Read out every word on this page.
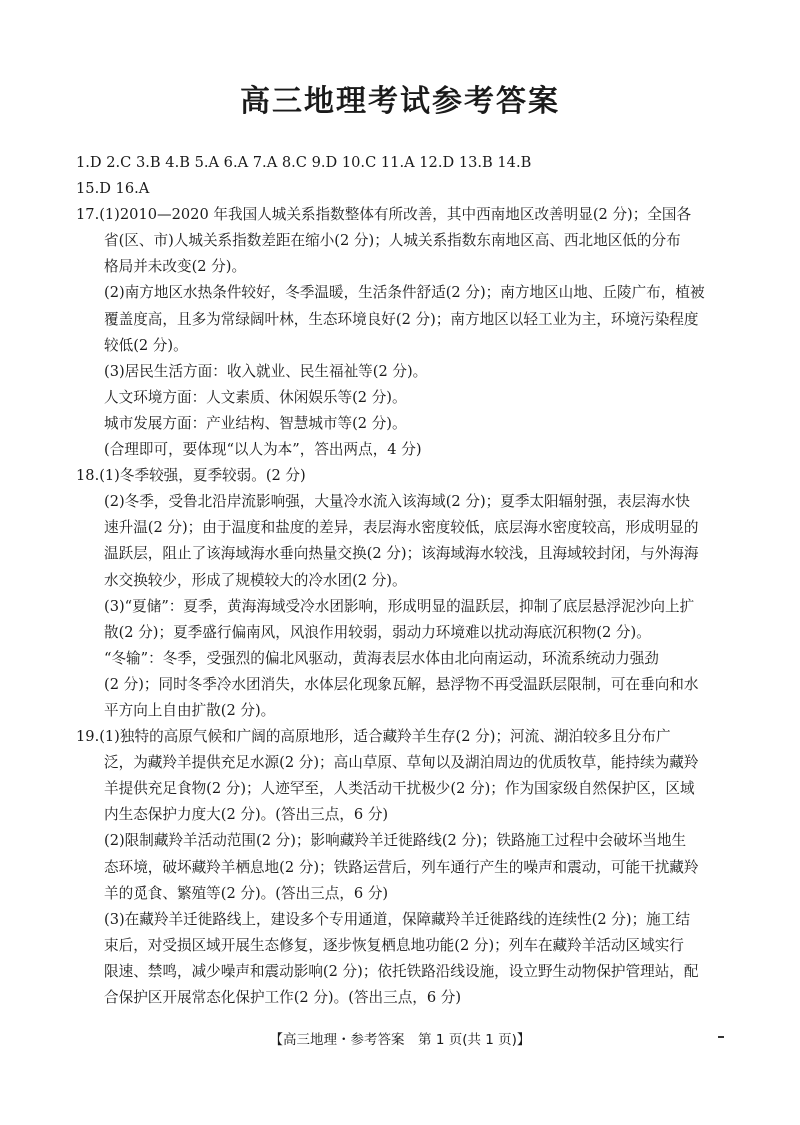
高三地理考试参考答案
1.D 2.C 3.B 4.B 5.A 6.A 7.A 8.C 9.D 10.C 11.A 12.D 13.B 14.B
15.D 16.A
17.(1)2010—2020 年我国人城关系指数整体有所改善，其中西南地区改善明显(2 分)；全国各
省(区、市)人城关系指数差距在缩小(2 分)；人城关系指数东南地区高、西北地区低的分布
格局并未改变(2 分)。
(2)南方地区水热条件较好，冬季温暖，生活条件舒适(2 分)；南方地区山地、丘陵广布，植被
覆盖度高，且多为常绿阔叶林，生态环境良好(2 分)；南方地区以轻工业为主，环境污染程度
较低(2 分)。
(3)居民生活方面：收入就业、民生福祉等(2 分)。
人文环境方面：人文素质、休闲娱乐等(2 分)。
城市发展方面：产业结构、智慧城市等(2 分)。
(合理即可，要体现“以人为本”，答出两点，4 分)
18.(1)冬季较强，夏季较弱。(2 分)
(2)冬季，受鲁北沿岸流影响强，大量冷水流入该海域(2 分)；夏季太阳辐射强，表层海水快
速升温(2 分)；由于温度和盐度的差异，表层海水密度较低，底层海水密度较高，形成明显的
温跃层，阻止了该海域海水垂向热量交换(2 分)；该海域海水较浅，且海域较封闭，与外海海
水交换较少，形成了规模较大的冷水团(2 分)。
(3)“夏储”：夏季，黄海海域受冷水团影响，形成明显的温跃层，抑制了底层悬浮泥沙向上扩
散(2 分)；夏季盛行偏南风，风浪作用较弱，弱动力环境难以扰动海底沉积物(2 分)。
“冬输”：冬季，受强烈的偏北风驱动，黄海表层水体由北向南运动，环流系统动力强劲
(2 分)；同时冬季冷水团消失，水体层化现象瓦解，悬浮物不再受温跃层限制，可在垂向和水
平方向上自由扩散(2 分)。
19.(1)独特的高原气候和广阔的高原地形，适合藏羚羊生存(2 分)；河流、湖泊较多且分布广
泛，为藏羚羊提供充足水源(2 分)；高山草原、草甸以及湖泊周边的优质牧草，能持续为藏羚
羊提供充足食物(2 分)；人迹罕至，人类活动干扰极少(2 分)；作为国家级自然保护区，区域
内生态保护力度大(2 分)。(答出三点，6 分)
(2)限制藏羚羊活动范围(2 分)；影响藏羚羊迁徙路线(2 分)；铁路施工过程中会破坏当地生
态环境，破坏藏羚羊栖息地(2 分)；铁路运营后，列车通行产生的噪声和震动，可能干扰藏羚
羊的觅食、繁殖等(2 分)。(答出三点，6 分)
(3)在藏羚羊迁徙路线上，建设多个专用通道，保障藏羚羊迁徙路线的连续性(2 分)；施工结
束后，对受损区域开展生态修复，逐步恢复栖息地功能(2 分)；列车在藏羚羊活动区域实行
限速、禁鸣，减少噪声和震动影响(2 分)；依托铁路沿线设施，设立野生动物保护管理站，配
合保护区开展常态化保护工作(2 分)。(答出三点，6 分)
【高三地理・参考答案　第 1 页(共 1 页)】
